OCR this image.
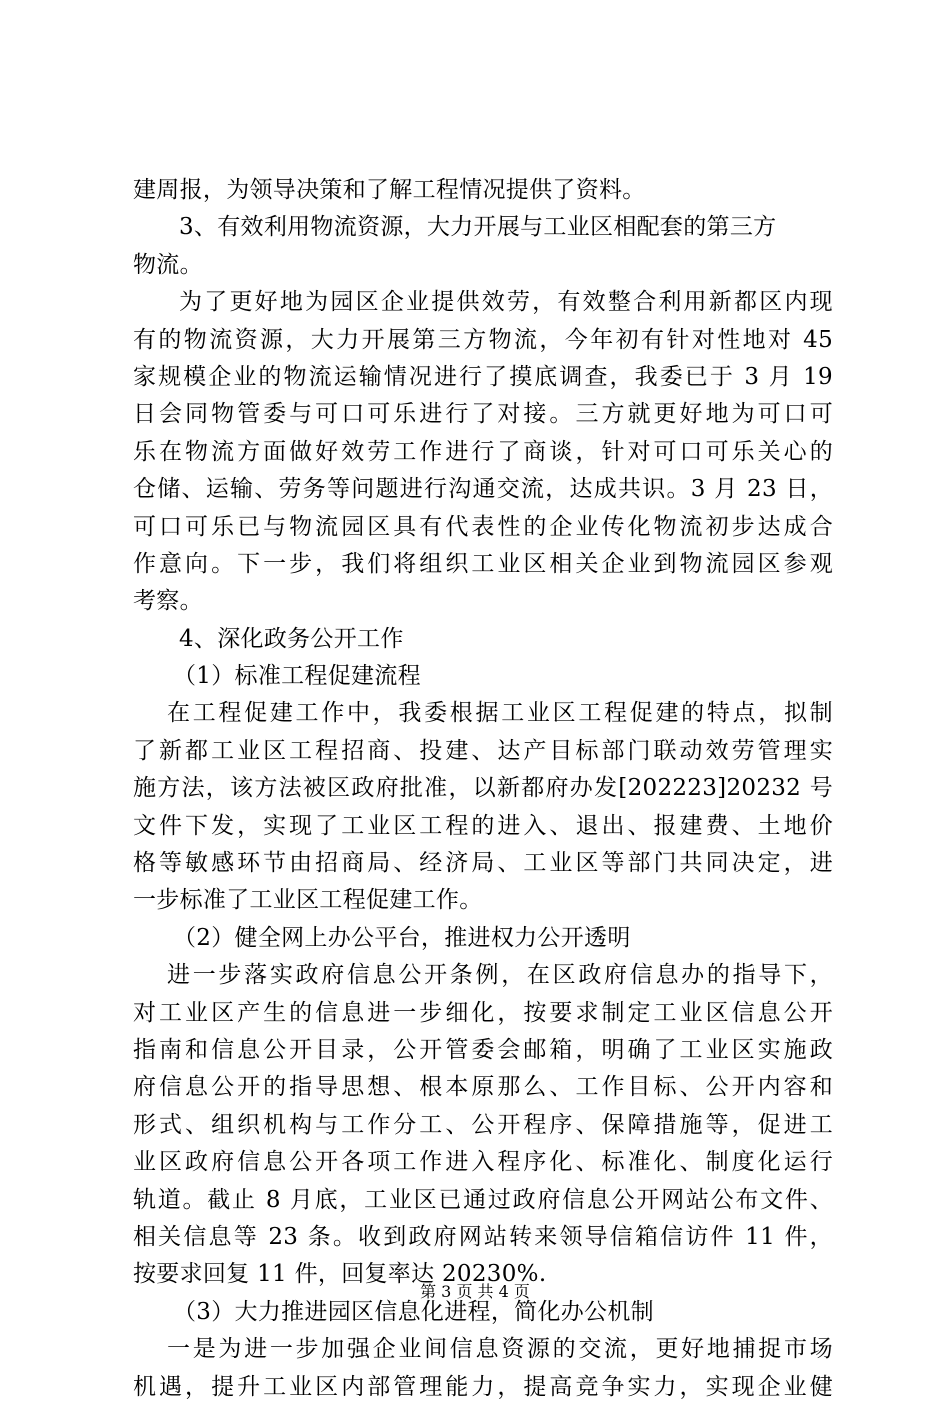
建周报，为领导决策和了解工程情况提供了资料。
3、有效利用物流资源，大力开展与工业区相配套的第三方
物流。
为了更好地为园区企业提供效劳，有效整合利用新都区内现
有的物流资源，大力开展第三方物流，今年初有针对性地对 45
家规模企业的物流运输情况进行了摸底调查，我委已于 3 月 19
日会同物管委与可口可乐进行了对接。三方就更好地为可口可
乐在物流方面做好效劳工作进行了商谈，针对可口可乐关心的
仓储、运输、劳务等问题进行沟通交流，达成共识。3 月 23 日，
可口可乐已与物流园区具有代表性的企业传化物流初步达成合
作意向。下一步，我们将组织工业区相关企业到物流园区参观
考察。
4、深化政务公开工作
（1）标准工程促建流程
在工程促建工作中，我委根据工业区工程促建的特点，拟制
了新都工业区工程招商、投建、达产目标部门联动效劳管理实
施方法，该方法被区政府批准，以新都府办发[202223]20232 号
文件下发，实现了工业区工程的进入、退出、报建费、土地价
格等敏感环节由招商局、经济局、工业区等部门共同决定，进
一步标准了工业区工程促建工作。
（2）健全网上办公平台，推进权力公开透明
进一步落实政府信息公开条例，在区政府信息办的指导下，
对工业区产生的信息进一步细化，按要求制定工业区信息公开
指南和信息公开目录，公开管委会邮箱，明确了工业区实施政
府信息公开的指导思想、根本原那么、工作目标、公开内容和
形式、组织机构与工作分工、公开程序、保障措施等，促进工
业区政府信息公开各项工作进入程序化、标准化、制度化运行
轨道。截止 8 月底，工业区已通过政府信息公开网站公布文件、
相关信息等 23 条。收到政府网站转来领导信箱信访件 11 件，
按要求回复 11 件，回复率达 20230%.
（3）大力推进园区信息化进程，简化办公机制
一是为进一步加强企业间信息资源的交流，更好地捕捉市场
机遇，提升工业区内部管理能力，提高竞争实力，实现企业健
第 3 页 共 4 页
